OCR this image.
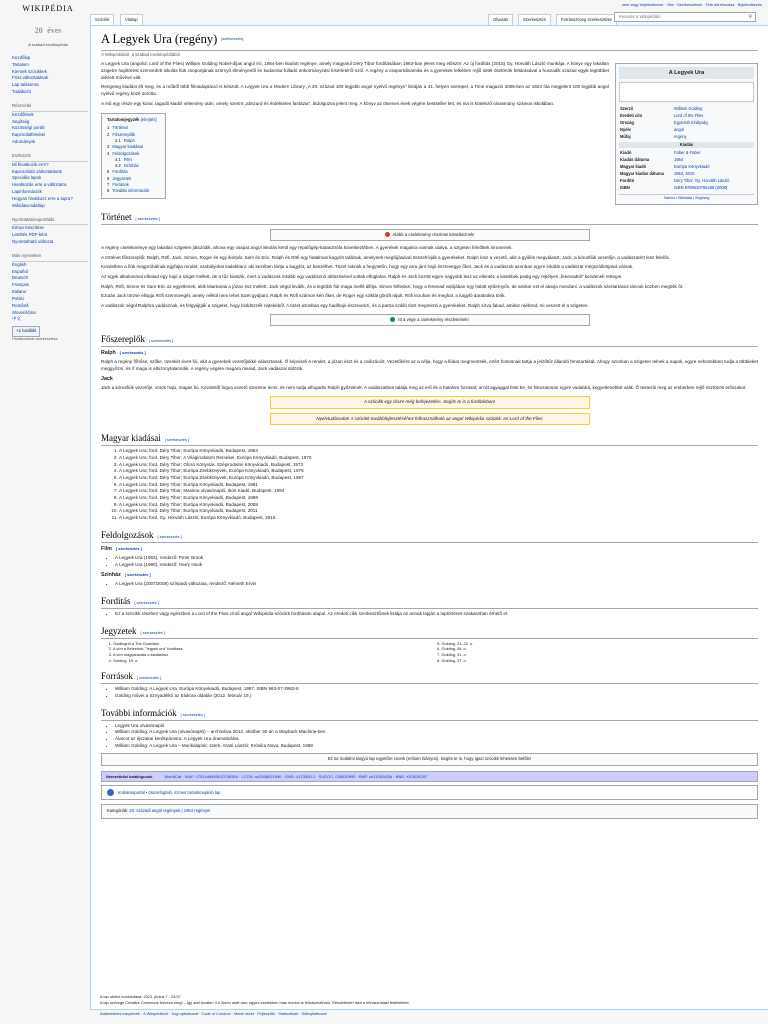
WIKIPÉDIA
20 éves
A szabad enciklopédia
nem vagy bejelentkezve · Vita · Szerkesztések · Fiók létrehozása · Bejelentkezés
Szócikk	Vitalap	Olvasás	Szerkesztés	Forrásszöveg szerkesztése
Keresés a Wikipédián	⚲
Kezdőlap
Tartalom
Kiemelt szócikkek
Friss változtatások
Lap találomra
Tudakozó
Részvétel
Kezdőknek
Segítség
Közösségi portál
Kapcsolatfelvétel
Adományok
Eszközök
Mi hivatkozik erre?
Kapcsolódó változtatások
Speciális lapok
Hivatkozás erre a változatra
Lapinformációk
Hogyan hivatkozz erre a lapra?
Wikidata-adatlap
Nyomtatás/exportálás
Könyv készítése
Letöltés PDF-ként
Nyomtatható változat
Más nyelveken
English
Español
Deutsch
Français
Italiano
Polski
Română
Slovenščina
中文
+1 további
Hivatkozások szerkesztése
A Legyek Ura (regény) [szerkesztés]
A Wikipédiából, a szabad enciklopédiából
A Legyek Ura
Szerző	William Golding
Eredeti cím	Lord of the Flies
Ország	Egyesült Királyság
Nyelv	angol
Műfaj	regény
Kiadás
Kiadó	Faber & Faber
Kiadás dátuma	1954
Magyar kiadó	Európa Könyvkiadó
Magyar kiadás dátuma	1963, 2015
Fordító	Déry Tibor, Gy. Horváth László
ISBN	ISBN 9789630785259 (2008)
Sablon • Wikidata • Segítség

A Legyek Ura (angolul: Lord of the Flies) William Golding Nobel-díjas angol író, 1954-ben kiadott regénye, amely magyarul Déry Tibor fordításában 1963-ban jelent meg először. Az új fordítás (2015) Gy. Horváth László munkája. A könyv egy lakatlan szigetre hajótörést szenvedett iskolás fiúk csoportjának szörnyű élményeiről és kudarcba fulladó önkormányzási kísérletéről szól. A regény a csoportdinamika és a gyerekek lelkében rejlő sötét ösztönök feltárásával a huszadik század egyik legtöbbet idézett művévé vált.

Rengeteg kiadást élt meg, és a műből több filmadaptáció is készült. A Legyek Ura a Modern Library „A 20. század 100 legjobb angol nyelvű regénye” listáján a 41. helyen szerepel, a Time magazin 2005-ben az 1923 óta megjelent 100 legjobb angol nyelvű regény közé sorolta.

A mű egy része egy korai, tagadó kiadói vélemény után, amely szerint „abszurd és érdektelen fantázia”, átdolgozva jelent meg. A könyv az ötvenes évek végére bestseller lett, és ma is kötelező olvasmány számos iskolában.

Tartalomjegyzék [elrejtés]
1 Történet
2 Főszereplők
2.1 Ralph
3 Magyar kiadásai
4 Feldolgozások
4.1 Film
4.2 Színház
5 Fordítás
6 Jegyzetek
7 Források
8 További információk
Történet [ szerkesztés ]
Alább a cselekmény részletei következnek!

A regény cselekménye egy lakatlan szigeten játszódik, ahova egy csapat angol iskolás kerül egy repülőgép-katasztrófa következtében. A gyerekek magukra vannak utalva, a szigeten felnőttek nincsenek.

A történet főszereplői: Ralph, Röfi, Jack, Simon, Roger és egy ikerpár, Sam és Eric. Ralph és Röfi egy hatalmas kagylót találnak, amelynek megfújásával összehívják a gyerekeket. Ralph lesz a vezető, akit a gyűlés megválaszt; Jack, a kórusfiúk vezetője, a vadászatért lesz felelős.

Kezdetben a fiúk megpróbálnak egyfajta rendet, szabályokat kialakítani: aki kezében tartja a kagylót, az beszélhet. Tüzet raknak a hegytetőn, hogy egy arra járó hajó észrevegye őket. Jack és a vadászok azonban egyre inkább a vadászat megszállottjaivá válnak.

Az egyik alkalommal elhalad egy hajó a sziget mellett, de a tűz kialszik, mert a vadászok inkább egy vaddisznó üldözésével voltak elfoglalva. Ralph és Jack között egyre nagyobb lesz az ellentét, a kisebbek pedig egy rejtélyes „fenevadtól” kezdenek rettegni.

Ralph, Röfi, Simon és Sam-Eric az egyetlenek, akik kitartanak a józan ész mellett. Jack végül kiválik, és a legtöbb fiút maga mellé állítja. Simon felfedezi, hogy a fenevad valójában egy halott ejtőernyős, de amikor ezt el akarja mondani, a vadászok szertartásos táncuk közben megölik őt.

Ezután Jack törzse ellopja Röfi szemüvegét, amely nélkül nem lehet tüzet gyújtani. Ralph és Röfi számon kéri őket, de Roger egy sziklát gördít rájuk: Röfi lezuhan és meghal, a kagyló darabokra törik.

A vadászok végül Ralphra vadásznak, és felgyújtják a szigetet, hogy kiüldözzék rejtekéből. A tüzet azonban egy hadihajó észreveszi, és a partra szálló tiszt megmenti a gyerekeket. Ralph sírva fakad, amikor ráébred, mi veszett el a szigeten.

Itt a vége a cselekmény részleteinek!
Főszereplők [ szerkesztés ]
Ralph [ szerkesztés ]

Ralph a regény főhőse, szőke, tizenkét éves fiú, akit a gyerekek vezetőjükké választanak. Ő képviseli a rendet, a józan észt és a civilizációt. Vezetőként az a célja, hogy a fiúkat megmentsék, ezért fontosnak tartja a jelzőtűz állandó fenntartását. Ahogy azonban a szigeten telnek a napok, egyre nehezebben tudja a többieket meggyőzni, és ő maga is elbizonytalanodik. A regény végére magára marad, Jack vadászai üldözik.

Jack

Jack a kórusfiúk vezetője, vörös hajú, magas fiú. Kezdettől fogva vezető szeretne lenni, és nem tudja elfogadni Ralph győzelmét. A vadászatban találja meg az erő és a hatalom forrását; arcát agyaggal festi be, és fokozatosan egyre vadabbá, kegyetlenebbé válik. Ő testesíti meg az emberben rejlő ösztönös erőszakot.

A szócikk egy része még befejezetlen. Segíts te is a fordításban!
Nyelvtudásodat! A szócikk továbbfejlesztéséhez felhasználható az angol Wikipédia szócikk: en:Lord of the Flies
Magyar kiadásai [ szerkesztés ]
1. A Legyek Ura; ford. Déry Tibor; Európa Könyvkiadó, Budapest, 1963
2. A Legyek Ura; ford. Déry Tibor; A Világirodalom Remekei, Európa Könyvkiadó, Budapest, 1970
3. A Legyek Ura; ford. Déry Tibor; Olcsó Könyvtár, Szépirodalmi Könyvkiadó, Budapest, 1973
4. A Legyek Ura; ford. Déry Tibor; Európa Zsebkönyvek, Európa Könyvkiadó, Budapest, 1976
5. A Legyek Ura; ford. Déry Tibor; Európa Zsebkönyvek, Európa Könyvkiadó, Budapest, 1987
6. A Legyek Ura; ford. Déry Tibor; Európa Könyvkiadó, Budapest, 1991
7. A Legyek Ura; ford. Déry Tibor; Maxima olvasónapló, Ikon Kiadó, Budapest, 1994
8. A Legyek Ura; ford. Déry Tibor; Európa Könyvkiadó, Budapest, 1998
9. A Legyek Ura; ford. Déry Tibor; Európa Könyvkiadó, Budapest, 2008
10. A Legyek Ura; ford. Déry Tibor; Európa Könyvkiadó, Budapest, 2011
11. A Legyek Ura; ford. Gy. Horváth László; Európa Könyvkiadó, Budapest, 2015
Feldolgozások [ szerkesztés ]
Film [ szerkesztés ]
• A Legyek Ura (1963), rendező: Peter Brook
• A Legyek Ura (1990), rendező: Harry Hook
Színház [ szerkesztés ]
• A Legyek Ura (2007/2008) színpadi változata, rendező: Németh Ervin
Fordítás [ szerkesztés ]
• Ez a szócikk részben vagy egészben a Lord of the Flies című angol Wikipédia-szócikk fordításán alapul. Az eredeti cikk szerkesztőinek listája az annak lapján a laptörténet szakaszban érhető el.
Jegyzetek [ szerkesztés ]
1. Goldingról a The Guardian
2. A cím a Belzebub, "legyek ura" fordítása
3. A cím magyarázata a kiadáshoz
4. Golding, 10. o.
5. Golding, 21–22. o.
6. Golding, 26. o.
7. Golding, 31. o.
8. Golding, 37. o.
Források [ szerkesztés ]
• William Golding: A Legyek Ura, Európa Könyvkiadó, Budapest, 1987, ISBN 963-07-3983-6
• Golding művei a Sznyadélkó az Eluliora oldalán (2012. február 19.)
További információk [ szerkesztés ]
• Legyek Ura olvasónapló
• William Golding: A Legyek Ura (olvasónapló) – archiválva 2012. október 30-án a Wayback Machine-ben
• Álarcot az éjszakai kerékpárosra: A Legyek Ura dramatizálva
• William Golding: A Legyek Ura – Munkalapok; szerk. Arató László; Krónika Nova, Budapest, 1998
Ez az irodalmi tárgyú lap egyelőre csonk (erősen hiányos). Segíts te is, hogy igazi szócikk lehessen belőle!
Nemzetközi katalógusok	WorldCat · VIAF: 1751448495010748300 · LCCN: no2006021990 · GND: 4123300-1 · SUDOC: 028030990 · BNF: cb11952835r · BNE: XX3035257
Irodalomportál • összefoglaló, színes tartalomajánló lap
Kategóriák: 20. századi angol regények | 1954 regényei
A lap utolsó módosítása: 2023. június 7., 23:57
A lap szövege Creative Commons Nevezd meg! – Így add tovább! 4.0 licenc alatt van; egyes esetekben más módon is felhasználható. Részletekért lásd a felhasználási feltételeket.
Adatvédelmi irányelvek · A Wikipédiáról · Jogi nyilatkozat · Code of Conduct · Mobil nézet · Fejlesztők · Statisztikák · Sütinyilatkozat
